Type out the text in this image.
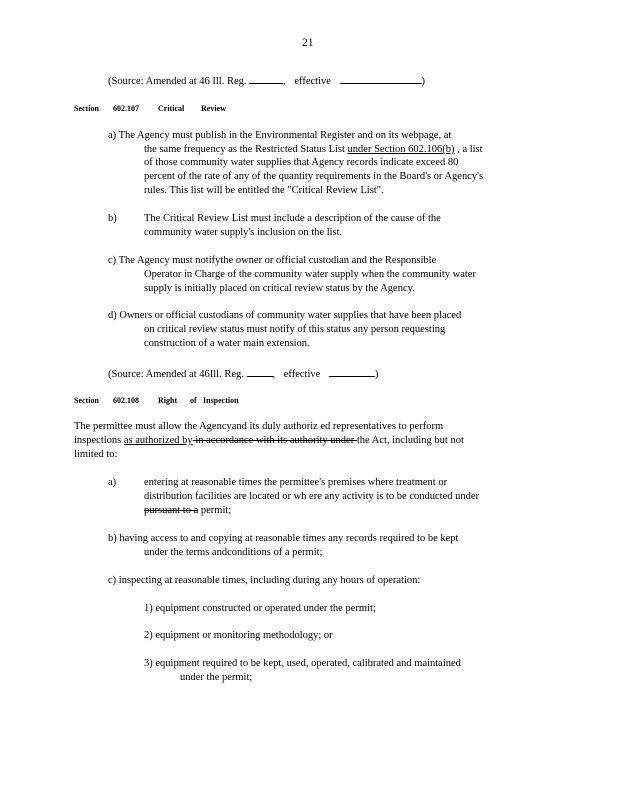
21
(Source: Amended at 46 Ill. Reg.	, effective	)
Section 602.107 Critical Review
a) The Agency must publish in the Environmental Register and on its webpage, at
the same frequency as the Restricted Status List under Section 602.106(b) , a list
of those community water supplies that Agency records indicate exceed 80
percent of the rate of any of the quantity requirements in the Board's or Agency's
rules. This list will be entitled the "Critical Review List".
b)	The Critical Review List must include a description of the cause of the
community water supply's inclusion on the list.
c) The Agency must notifythe owner or official custodian and the Responsible
Operator in Charge of the community water supply when the community water
supply is initially placed on critical review status by the Agency.
d) Owners or official custodians of community water supplies that have been placed
on critical review status must notify of this status any person requesting
construction of a water main extension.
(Source: Amended at 46Ill. Reg.	, effective	)
Section 602.108 Right of Inspection
The permittee must allow the Agencyand its duly authoriz ed representatives to perform
inspections as authorized by in accordance with its authority under the Act, including but not
limited to:
a)	entering at reasonable times the permittee's premises where treatment or
distribution facilities are located or wh ere any activity is to be conducted under
pursuant to a permit;
b) having access to and copying at reasonable times any records required to be kept
under the terms andconditions of a permit;
c) inspecting at reasonable times, including during any hours of operation:
1) equipment constructed or operated under the permit;
2) equipment or monitoring methodology; or
3) equipment required to be kept, used, operated, calibrated and maintained
under the permit;
